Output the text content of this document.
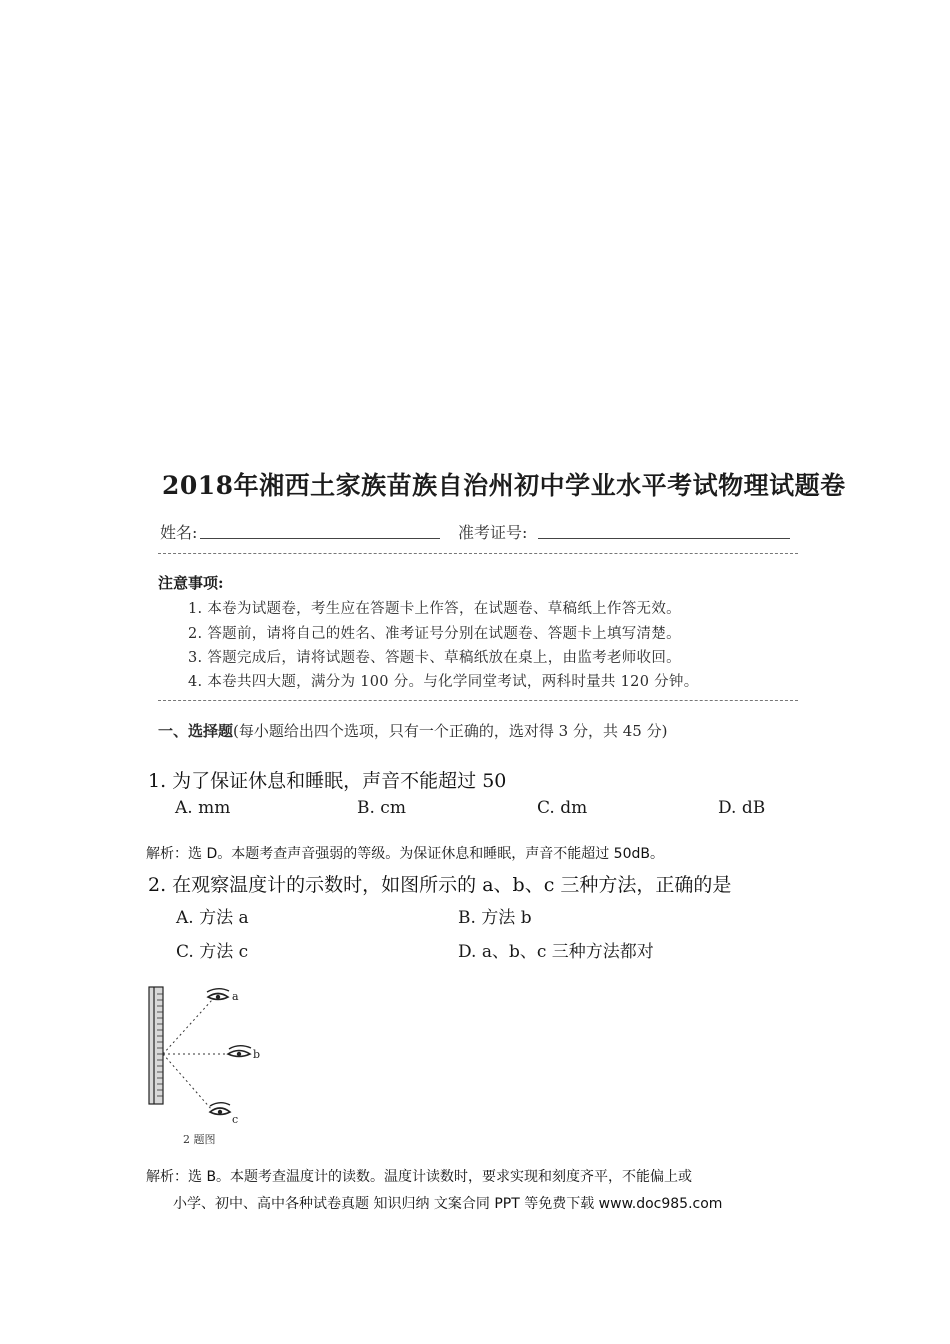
2018年湘西土家族苗族自治州初中学业水平考试物理试题卷
姓名:	准考证号:
注意事项:
1. 本卷为试题卷，考生应在答题卡上作答，在试题卷、草稿纸上作答无效。
2. 答题前，请将自己的姓名、准考证号分别在试题卷、答题卡上填写清楚。
3. 答题完成后，请将试题卷、答题卡、草稿纸放在桌上，由监考老师收回。
4. 本卷共四大题，满分为 100 分。与化学同堂考试，两科时量共 120 分钟。
一、选择题(每小题给出四个选项，只有一个正确的，选对得 3 分，共 45 分)
1. 为了保证休息和睡眠，声音不能超过 50
A. mm	B. cm	C. dm	D. dB
解析：选 D。本题考查声音强弱的等级。为保证休息和睡眠，声音不能超过 50dB。
2. 在观察温度计的示数时，如图所示的 a、b、c 三种方法，正确的是
A. 方法 a	B. 方法 b
C. 方法 c	D. a、b、c 三种方法都对
a
b
c
2 题图
解析：选 B。本题考查温度计的读数。温度计读数时，要求实现和刻度齐平，不能偏上或
小学、初中、高中各种试卷真题 知识归纳 文案合同 PPT 等免费下载 www.doc985.com
